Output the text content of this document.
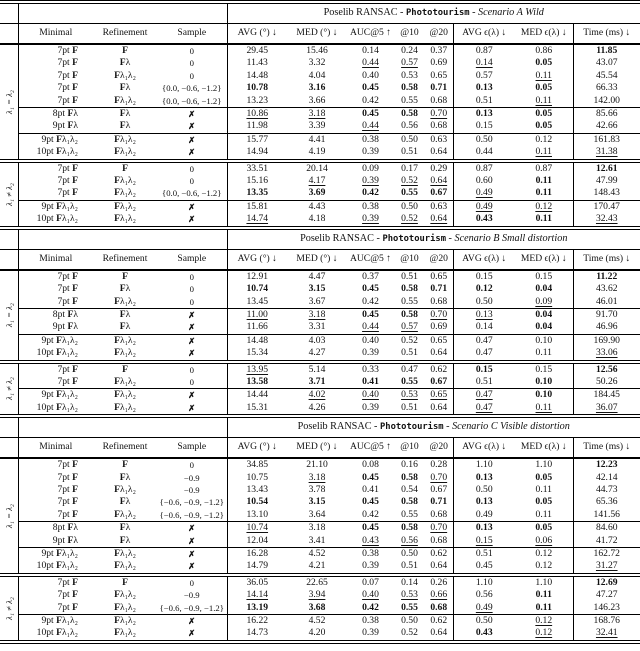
				Poselib RANSAC - Phototourism - Scenario A Wild							
	Minimal	Refinement	Sample	AVG (°) ↓	MED (°) ↓	AUC@5 ↑	@10	@20	AVG ϵ(λ) ↓	MED ϵ(λ) ↓	Time (ms) ↓

λ₁ = λ₂	7pt F	F	0	29.45	15.46	0.14	0.24	0.37	0.87	0.86	11.85
	7pt F	Fλ	0	11.43	3.32	0.44	0.57	0.69	0.14	0.05	43.07
	7pt F	Fλ₁λ₂	0	14.48	4.04	0.40	0.53	0.65	0.57	0.11	45.54
	7pt F	Fλ	{0.0, −0.6, −1.2}	10.78	3.16	0.45	0.58	0.71	0.13	0.05	66.33
	7pt F	Fλ₁λ₂	{0.0, −0.6, −1.2}	13.23	3.66	0.42	0.55	0.68	0.51	0.11	142.00
	8pt Fλ	Fλ	✗	10.86	3.18	0.45	0.58	0.70	0.13	0.05	85.66
	9pt Fλ	Fλ	✗	11.98	3.39	0.44	0.56	0.68	0.15	0.05	42.66
	9pt Fλ₁λ₂	Fλ₁λ₂	✗	15.77	4.41	0.38	0.50	0.63	0.50	0.12	161.83
	10pt Fλ₁λ₂	Fλ₁λ₂	✗	14.94	4.19	0.39	0.51	0.64	0.44	0.11	31.38

λ₁ ≠ λ₂	7pt F	F	0	33.51	20.14	0.09	0.17	0.29	0.87	0.87	12.61
	7pt F	Fλ₁λ₂	0	15.16	4.17	0.39	0.52	0.64	0.60	0.11	47.99
	7pt F	Fλ₁λ₂	{0.0, −0.6, −1.2}	13.35	3.69	0.42	0.55	0.67	0.49	0.11	148.43
	9pt Fλ₁λ₂	Fλ₁λ₂	✗	15.81	4.43	0.38	0.50	0.63	0.49	0.12	170.47
	10pt Fλ₁λ₂	Fλ₁λ₂	✗	14.74	4.18	0.39	0.52	0.64	0.43	0.11	32.43

				Poselib RANSAC - Phototourism - Scenario B Small distortion							
	Minimal	Refinement	Sample	AVG (°) ↓	MED (°) ↓	AUC@5 ↑	@10	@20	AVG ϵ(λ) ↓	MED ϵ(λ) ↓	Time (ms) ↓

λ₁ = λ₂	7pt F	F	0	12.91	4.47	0.37	0.51	0.65	0.15	0.15	11.22
	7pt F	Fλ	0	10.74	3.15	0.45	0.58	0.71	0.12	0.04	43.62
	7pt F	Fλ₁λ₂	0	13.45	3.67	0.42	0.55	0.68	0.50	0.09	46.01
	8pt Fλ	Fλ	✗	11.00	3.18	0.45	0.58	0.70	0.13	0.04	91.70
	9pt Fλ	Fλ	✗	11.66	3.31	0.44	0.57	0.69	0.14	0.04	46.96
	9pt Fλ₁λ₂	Fλ₁λ₂	✗	14.48	4.03	0.40	0.52	0.65	0.47	0.10	169.90
	10pt Fλ₁λ₂	Fλ₁λ₂	✗	15.34	4.27	0.39	0.51	0.64	0.47	0.11	33.06

λ₁ ≠ λ₂	7pt F	F	0	13.95	5.14	0.33	0.47	0.62	0.15	0.15	12.56
	7pt F	Fλ₁λ₂	0	13.58	3.71	0.41	0.55	0.67	0.51	0.10	50.26
	9pt Fλ₁λ₂	Fλ₁λ₂	✗	14.44	4.02	0.40	0.53	0.65	0.47	0.10	184.45
	10pt Fλ₁λ₂	Fλ₁λ₂	✗	15.31	4.26	0.39	0.51	0.64	0.47	0.11	36.07

				Poselib RANSAC - Phototourism - Scenario C Visible distortion							
	Minimal	Refinement	Sample	AVG (°) ↓	MED (°) ↓	AUC@5 ↑	@10	@20	AVG ϵ(λ) ↓	MED ϵ(λ) ↓	Time (ms) ↓

λ₁ = λ₂	7pt F	F	0	34.85	21.10	0.08	0.16	0.28	1.10	1.10	12.23
	7pt F	Fλ	−0.9	10.75	3.18	0.45	0.58	0.70	0.13	0.05	42.14
	7pt F	Fλ₁λ₂	−0.9	13.43	3.78	0.41	0.54	0.67	0.50	0.11	44.73
	7pt F	Fλ	{−0.6, −0.9, −1.2}	10.54	3.15	0.45	0.58	0.71	0.13	0.05	65.36
	7pt F	Fλ₁λ₂	{−0.6, −0.9, −1.2}	13.10	3.64	0.42	0.55	0.68	0.49	0.11	141.56
	8pt Fλ	Fλ	✗	10.74	3.18	0.45	0.58	0.70	0.13	0.05	84.60
	9pt Fλ	Fλ	✗	12.04	3.41	0.43	0.56	0.68	0.15	0.06	41.72
	9pt Fλ₁λ₂	Fλ₁λ₂	✗	16.28	4.52	0.38	0.50	0.62	0.51	0.12	162.72
	10pt Fλ₁λ₂	Fλ₁λ₂	✗	14.79	4.21	0.39	0.51	0.64	0.45	0.12	31.27

λ₁ ≠ λ₂	7pt F	F	0	36.05	22.65	0.07	0.14	0.26	1.10	1.10	12.69
	7pt F	Fλ₁λ₂	−0.9	14.14	3.94	0.40	0.53	0.66	0.56	0.11	47.27
	7pt F	Fλ₁λ₂	{−0.6, −0.9, −1.2}	13.19	3.68	0.42	0.55	0.68	0.49	0.11	146.23
	9pt Fλ₁λ₂	Fλ₁λ₂	✗	16.22	4.52	0.38	0.50	0.62	0.50	0.12	168.76
	10pt Fλ₁λ₂	Fλ₁λ₂	✗	14.73	4.20	0.39	0.52	0.64	0.43	0.12	32.41
